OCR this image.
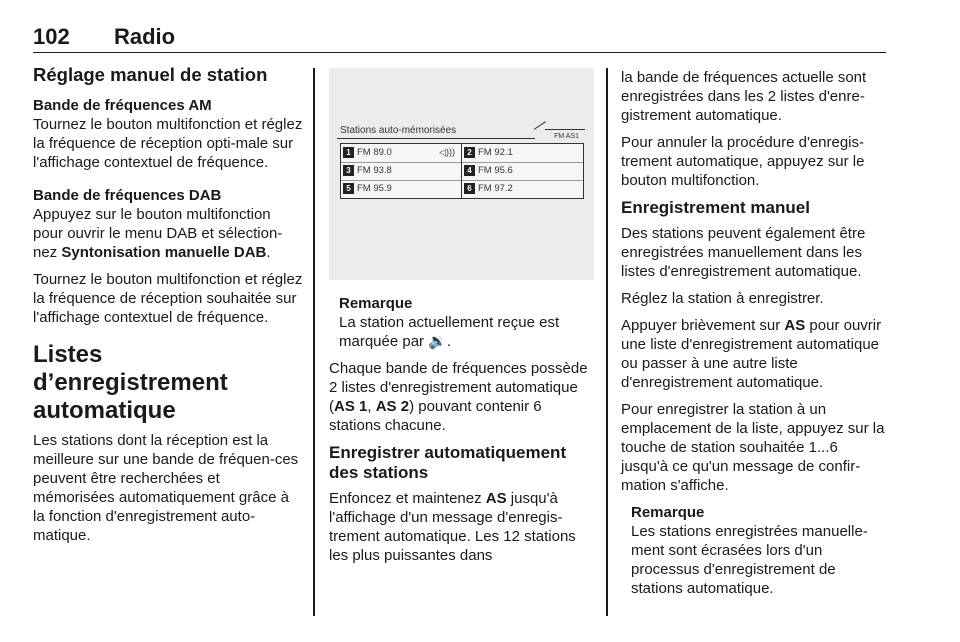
102 Radio
Réglage manuel de station
Bande de fréquences AM

Tournez le bouton multifonction et réglez la fréquence de réception opti-male sur l'affichage contextuel de fréquence.

Bande de fréquences DAB

Appuyez sur le bouton multifonction pour ouvrir le menu DAB et sélection-nez Syntonisation manuelle DAB.

Tournez le bouton multifonction et réglez la fréquence de réception souhaitée sur l'affichage contextuel de fréquence.

Listes d’enregistrement automatique

Les stations dont la réception est la meilleure sur une bande de fréquen-ces peuvent être recherchées et mémorisées automatiquement grâce à la fonction d'enregistrement auto-matique.

Stations auto-mémorisées
FM AS1
1 FM 89.0	◁)))	2 FM 92.1
3 FM 93.8	4 FM 95.6
5 FM 95.9	6 FM 97.2
Remarque
La station actuellement reçue est marquée par 🔉.

Chaque bande de fréquences possède 2 listes d'enregistrement automatique (AS 1, AS 2) pouvant contenir 6 stations chacune.

Enregistrer automatiquement des stations

Enfoncez et maintenez AS jusqu'à l'affichage d'un message d'enregis-trement automatique. Les 12 stations les plus puissantes dans

la bande de fréquences actuelle sont enregistrées dans les 2 listes d'enre-gistrement automatique.

Pour annuler la procédure d'enregis-trement automatique, appuyez sur le bouton multifonction.

Enregistrement manuel

Des stations peuvent également être enregistrées manuellement dans les listes d'enregistrement automatique.

Réglez la station à enregistrer.

Appuyer brièvement sur AS pour ouvrir une liste d'enregistrement automatique ou passer à une autre liste d'enregistrement automatique.

Pour enregistrer la station à un emplacement de la liste, appuyez sur la touche de station souhaitée 1...6 jusqu'à ce qu'un message de confir-mation s'affiche.

Remarque
Les stations enregistrées manuelle-ment sont écrasées lors d'un processus d'enregistrement de stations automatique.
